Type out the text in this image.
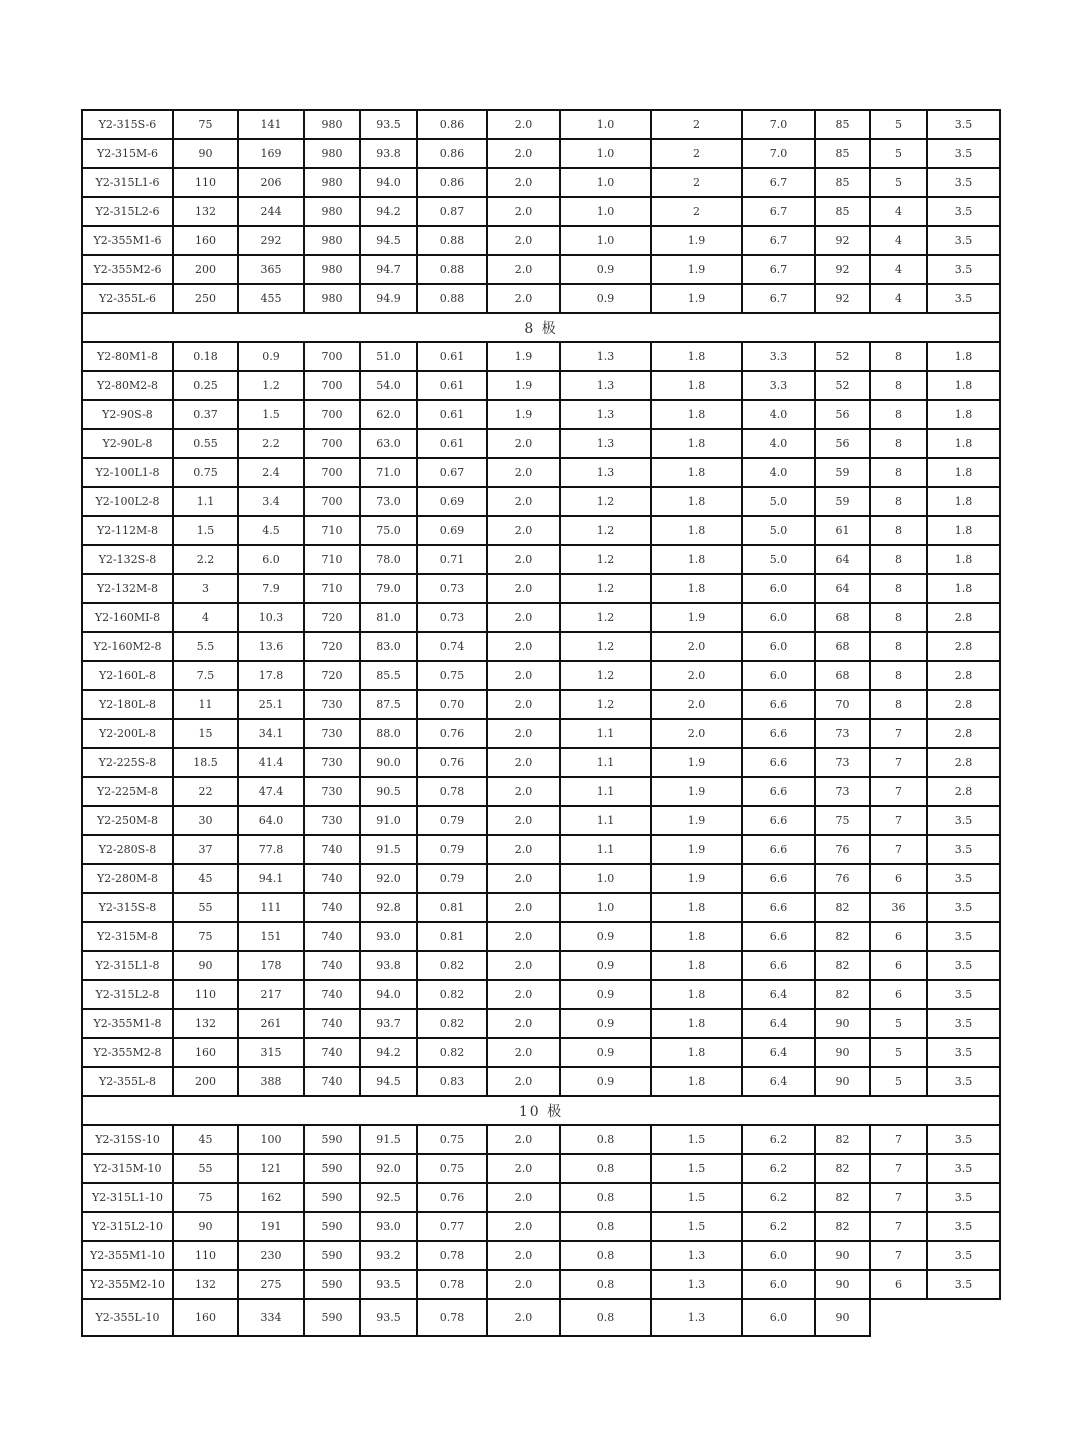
Y2-315S-6	75	141	980	93.5	0.86	2.0	1.0	2	7.0	85	5	3.5
Y2-315M-6	90	169	980	93.8	0.86	2.0	1.0	2	7.0	85	5	3.5
Y2-315L1-6	110	206	980	94.0	0.86	2.0	1.0	2	6.7	85	5	3.5
Y2-315L2-6	132	244	980	94.2	0.87	2.0	1.0	2	6.7	85	4	3.5
Y2-355M1-6	160	292	980	94.5	0.88	2.0	1.0	1.9	6.7	92	4	3.5
Y2-355M2-6	200	365	980	94.7	0.88	2.0	0.9	1.9	6.7	92	4	3.5
Y2-355L-6	250	455	980	94.9	0.88	2.0	0.9	1.9	6.7	92	4	3.5
8 极												
Y2-80M1-8	0.18	0.9	700	51.0	0.61	1.9	1.3	1.8	3.3	52	8	1.8
Y2-80M2-8	0.25	1.2	700	54.0	0.61	1.9	1.3	1.8	3.3	52	8	1.8
Y2-90S-8	0.37	1.5	700	62.0	0.61	1.9	1.3	1.8	4.0	56	8	1.8
Y2-90L-8	0.55	2.2	700	63.0	0.61	2.0	1.3	1.8	4.0	56	8	1.8
Y2-100L1-8	0.75	2.4	700	71.0	0.67	2.0	1.3	1.8	4.0	59	8	1.8
Y2-100L2-8	1.1	3.4	700	73.0	0.69	2.0	1.2	1.8	5.0	59	8	1.8
Y2-112M-8	1.5	4.5	710	75.0	0.69	2.0	1.2	1.8	5.0	61	8	1.8
Y2-132S-8	2.2	6.0	710	78.0	0.71	2.0	1.2	1.8	5.0	64	8	1.8
Y2-132M-8	3	7.9	710	79.0	0.73	2.0	1.2	1.8	6.0	64	8	1.8
Y2-160MI-8	4	10.3	720	81.0	0.73	2.0	1.2	1.9	6.0	68	8	2.8
Y2-160M2-8	5.5	13.6	720	83.0	0.74	2.0	1.2	2.0	6.0	68	8	2.8
Y2-160L-8	7.5	17.8	720	85.5	0.75	2.0	1.2	2.0	6.0	68	8	2.8
Y2-180L-8	11	25.1	730	87.5	0.70	2.0	1.2	2.0	6.6	70	8	2.8
Y2-200L-8	15	34.1	730	88.0	0.76	2.0	1.1	2.0	6.6	73	7	2.8
Y2-225S-8	18.5	41.4	730	90.0	0.76	2.0	1.1	1.9	6.6	73	7	2.8
Y2-225M-8	22	47.4	730	90.5	0.78	2.0	1.1	1.9	6.6	73	7	2.8
Y2-250M-8	30	64.0	730	91.0	0.79	2.0	1.1	1.9	6.6	75	7	3.5
Y2-280S-8	37	77.8	740	91.5	0.79	2.0	1.1	1.9	6.6	76	7	3.5
Y2-280M-8	45	94.1	740	92.0	0.79	2.0	1.0	1.9	6.6	76	6	3.5
Y2-315S-8	55	111	740	92.8	0.81	2.0	1.0	1.8	6.6	82	36	3.5
Y2-315M-8	75	151	740	93.0	0.81	2.0	0.9	1.8	6.6	82	6	3.5
Y2-315L1-8	90	178	740	93.8	0.82	2.0	0.9	1.8	6.6	82	6	3.5
Y2-315L2-8	110	217	740	94.0	0.82	2.0	0.9	1.8	6.4	82	6	3.5
Y2-355M1-8	132	261	740	93.7	0.82	2.0	0.9	1.8	6.4	90	5	3.5
Y2-355M2-8	160	315	740	94.2	0.82	2.0	0.9	1.8	6.4	90	5	3.5
Y2-355L-8	200	388	740	94.5	0.83	2.0	0.9	1.8	6.4	90	5	3.5
10 极												
Y2-315S-10	45	100	590	91.5	0.75	2.0	0.8	1.5	6.2	82	7	3.5
Y2-315M-10	55	121	590	92.0	0.75	2.0	0.8	1.5	6.2	82	7	3.5
Y2-315L1-10	75	162	590	92.5	0.76	2.0	0.8	1.5	6.2	82	7	3.5
Y2-315L2-10	90	191	590	93.0	0.77	2.0	0.8	1.5	6.2	82	7	3.5
Y2-355M1-10	110	230	590	93.2	0.78	2.0	0.8	1.3	6.0	90	7	3.5
Y2-355M2-10	132	275	590	93.5	0.78	2.0	0.8	1.3	6.0	90	6	3.5
Y2-355L-10	160	334	590	93.5	0.78	2.0	0.8	1.3	6.0	90		
